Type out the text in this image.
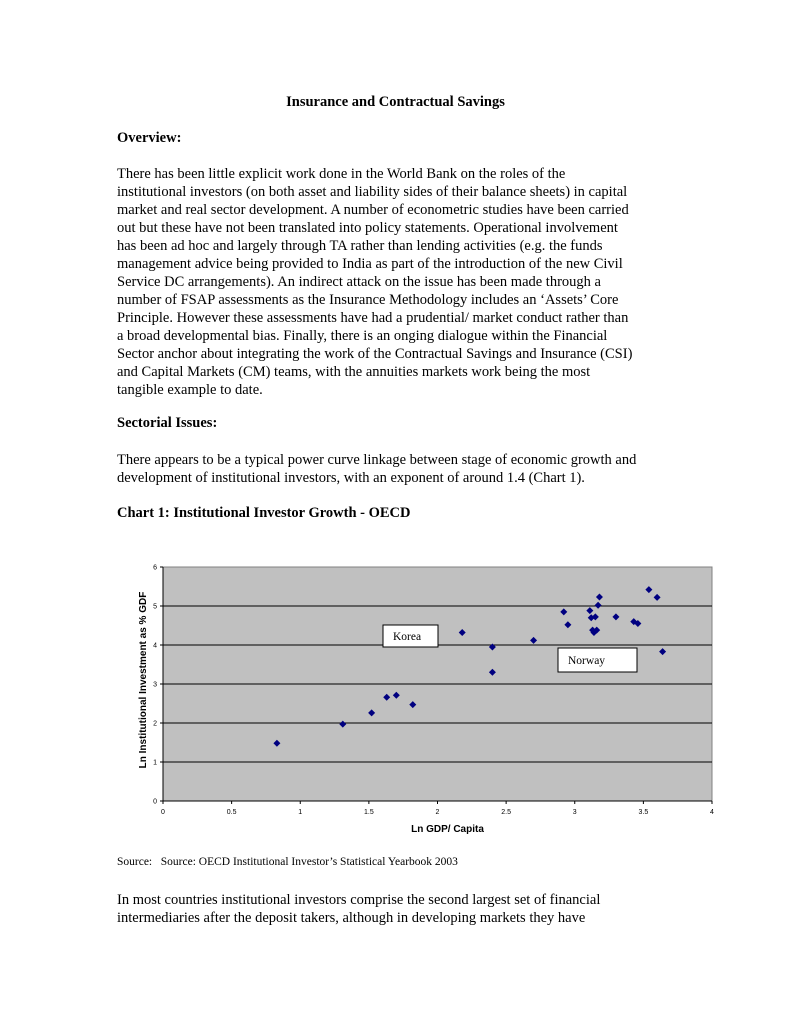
Insurance and Contractual Savings
Overview:
There has been little explicit work done in the World Bank on the roles of the
institutional investors (on both asset and liability sides of their balance sheets) in capital
market and real sector development. A number of econometric studies have been carried
out but these have not been translated into policy statements. Operational involvement
has been ad hoc and largely through TA rather than lending activities (e.g. the funds
management advice being provided to India as part of the introduction of the new Civil
Service DC arrangements). An indirect attack on the issue has been made through a
number of FSAP assessments as the Insurance Methodology includes an ‘Assets’ Core
Principle. However these assessments have had a prudential/ market conduct rather than
a broad developmental bias. Finally, there is an onging dialogue within the Financial
Sector anchor about integrating the work of the Contractual Savings and Insurance (CSI)
and Capital Markets (CM) teams, with the annuities markets work being the most
tangible example to date.
Sectorial Issues:
There appears to be a typical power curve linkage between stage of economic growth and
development of institutional investors, with an exponent of around 1.4 (Chart 1).
Chart 1: Institutional Investor Growth - OECD
0
1
2
3
4
5
6
0	0.5	1	1.5	2	2.5	3	3.5	4
Ln GDP/ Capita
Ln Institutional Investment as % GDF	Korea
Norway
Source: Source: OECD Institutional Investor’s Statistical Yearbook 2003
In most countries institutional investors comprise the second largest set of financial
intermediaries after the deposit takers, although in developing markets they have
